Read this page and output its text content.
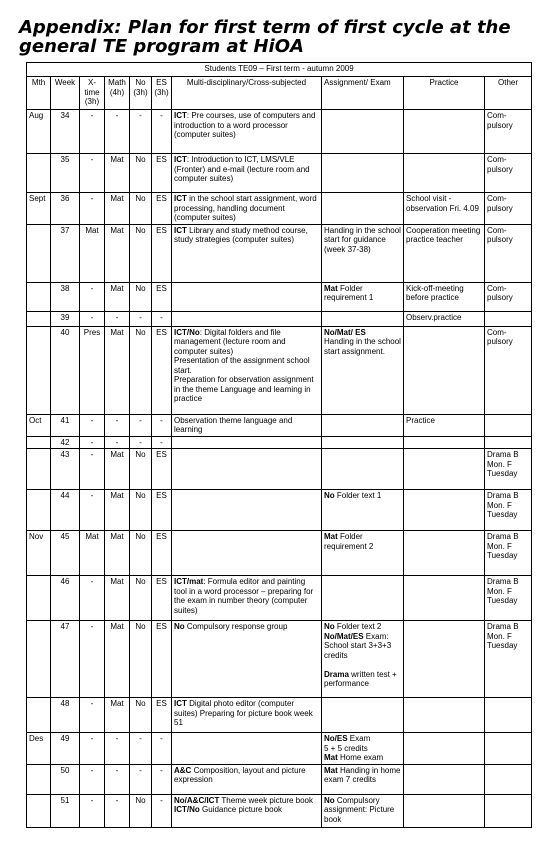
Appendix: Plan for first term of first cycle at the general TE program at HiOA
Students TE09 – First term - autumn 2009									
Mth	Week	X-time (3h)	Math (4h)	No (3h)	ES (3h)	Multi-disciplinary/Cross-subjected	Assignment/ Exam	Practice	Other
Aug	34	-	-	-	-	ICT: Pre courses, use of computers and introduction to a word processor (computer suites)			Com-pulsory

	35	-	Mat	No	ES	ICT: Introduction to ICT, LMS/VLE (Fronter) and e-mail (lecture room and computer suites)			Com-pulsory

Sept	36	-	Mat	No	ES	ICT in the school start assignment, word processing, handling document (computer suites)		School visit - observation Fri. 4.09	Com-pulsory

	37	Mat	Mat	No	ES	ICT Library and study method course, study strategies (computer suites)	Handing in the school start for guidance (week 37-38)	Cooperation meeting practice teacher	Com-pulsory

	38	-	Mat	No	ES		Mat Folder requirement 1	Kick-off-meeting before practice	Com-pulsory

	39	-	-	-	-			Observ.practice	

	40	Pres	Mat	No	ES	ICT/No: Digital folders and file management (lecture room and computer suites)
Presentation of the assignment school start.
Preparation for observation assignment in the theme Language and learning in practice	No/Mat/ ES
Handing in the school start assignment.		Com-pulsory

Oct	41	-	-	-	-	Observation theme language and learning		Practice	

	42	-	-	-	-				
	43	-	Mat	No	ES				Drama B Mon. F Tuesday

	44	-	Mat	No	ES		No Folder text 1		Drama B Mon. F Tuesday

Nov	45	Mat	Mat	No	ES		Mat Folder requirement 2		Drama B Mon. F Tuesday

	46	-	Mat	No	ES	ICT/mat: Formula editor and painting tool in a word processor – preparing for the exam in number theory (computer suites)			Drama B Mon. F Tuesday

	47	-	Mat	No	ES	No Compulsory response group	No Folder text 2
No/Mat/ES Exam: School start 3+3+3 credits

Drama written test + performance		Drama B Mon. F Tuesday

	48	-	Mat	No	ES	ICT Digital photo editor (computer suites) Preparing for picture book week 51			

Des	49	-	-	-	-		No/ES Exam
5 + 5 credits
Mat Home exam		

	50	-	-	-	-	A&C Composition, layout and picture expression	Mat Handing in home exam 7 credits		

	51	-	-	No	-	No/A&C/ICT Theme week picture book
ICT/No Guidance picture book	No Compulsory assignment: Picture book		
